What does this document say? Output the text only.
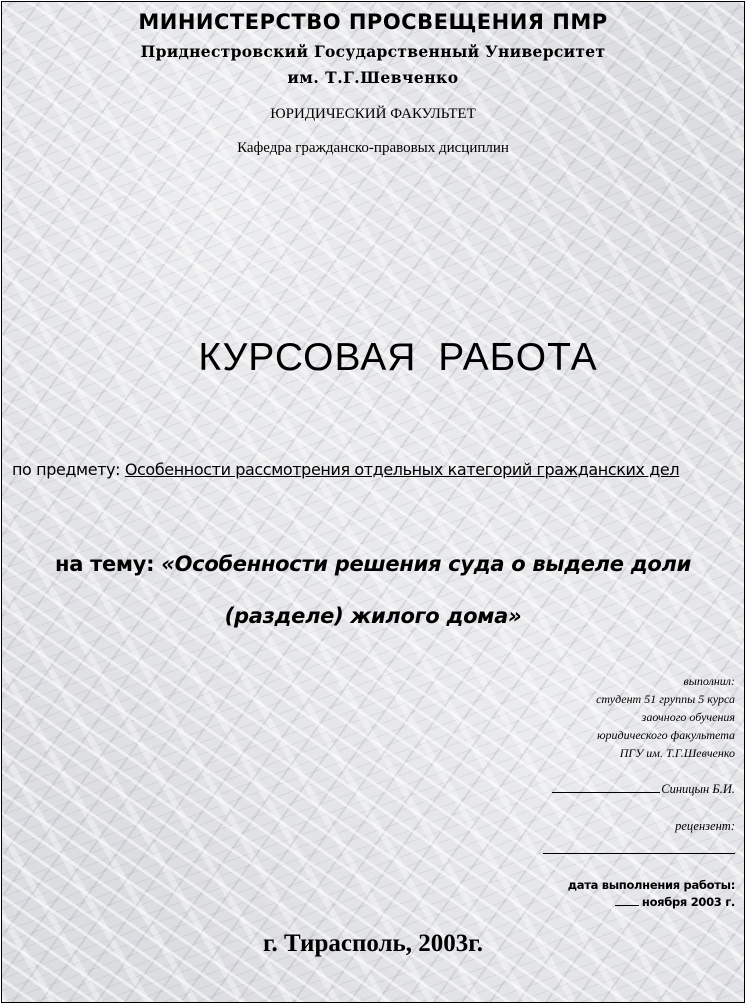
МИНИСТЕРСТВО ПРОСВЕЩЕНИЯ ПМР
Приднестровский Государственный Университет
им. Т.Г.Шевченко
ЮРИДИЧЕСКИЙ ФАКУЛЬТЕТ
Кафедра гражданско-правовых дисциплин
КУРСОВАЯ РАБОТА
по предмету: Особенности рассмотрения отдельных категорий гражданских дел
на тему: «Особенности решения суда о выделе доли (разделе) жилого дома»
выполнил:
студент 51 группы 5 курса
заочного обучения
юридического факультета
ПГУ им. Т.Г.Шевченко
Синицын Б.И.
рецензент:
дата выполнения работы:
ноября 2003 г.
г. Тирасполь, 2003г.
